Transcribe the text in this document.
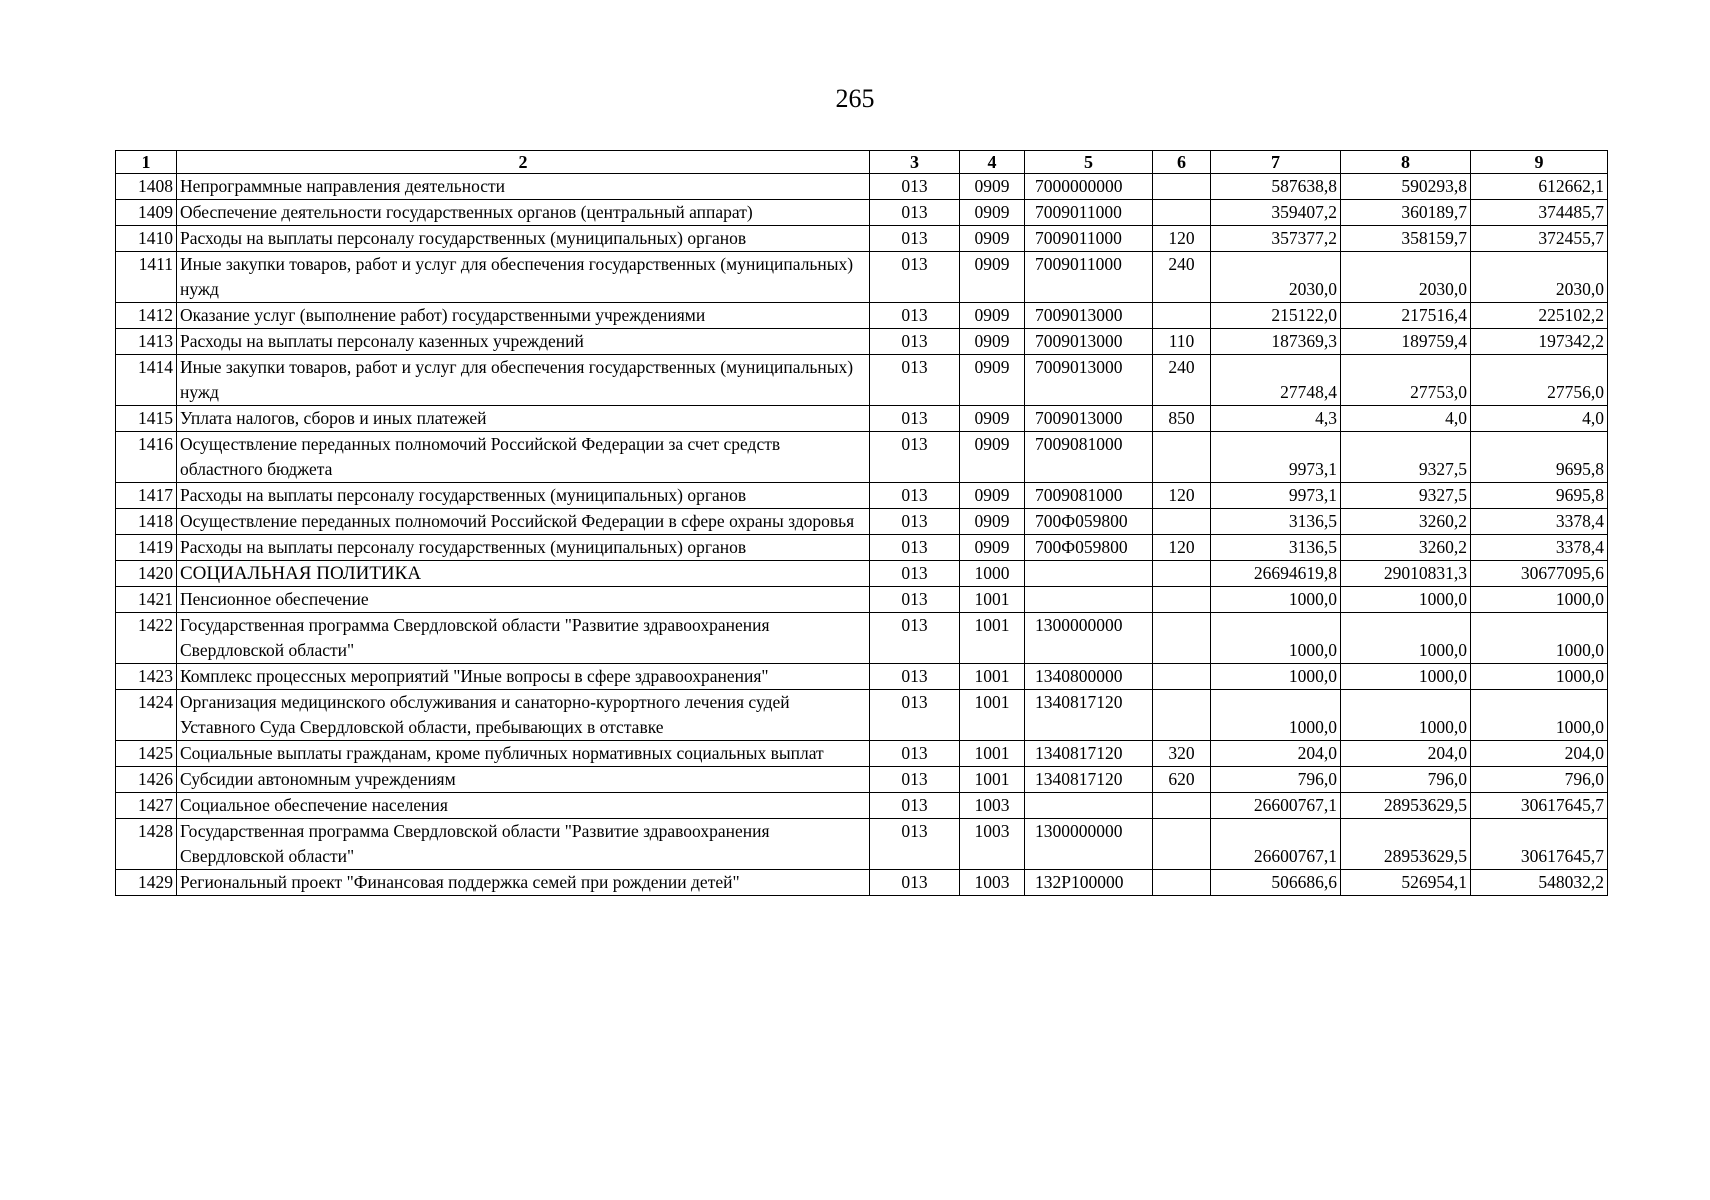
265
1	2	3	4	5	6	7	8	9
1408	Непрограммные направления деятельности	013	0909	7000000000		587638,8	590293,8	612662,1
1409	Обеспечение деятельности государственных органов (центральный аппарат)	013	0909	7009011000		359407,2	360189,7	374485,7
1410	Расходы на выплаты персоналу государственных (муниципальных) органов	013	0909	7009011000	120	357377,2	358159,7	372455,7
1411	Иные закупки товаров, работ и услуг для обеспечения государственных (муниципальных) нужд	013	0909	7009011000	240	2030,0	2030,0	2030,0
1412	Оказание услуг (выполнение работ) государственными учреждениями	013	0909	7009013000		215122,0	217516,4	225102,2
1413	Расходы на выплаты персоналу казенных учреждений	013	0909	7009013000	110	187369,3	189759,4	197342,2
1414	Иные закупки товаров, работ и услуг для обеспечения государственных (муниципальных) нужд	013	0909	7009013000	240	27748,4	27753,0	27756,0
1415	Уплата налогов, сборов и иных платежей	013	0909	7009013000	850	4,3	4,0	4,0
1416	Осуществление переданных полномочий Российской Федерации за счет средств областного бюджета	013	0909	7009081000		9973,1	9327,5	9695,8
1417	Расходы на выплаты персоналу государственных (муниципальных) органов	013	0909	7009081000	120	9973,1	9327,5	9695,8
1418	Осуществление переданных полномочий Российской Федерации в сфере охраны здоровья	013	0909	700Ф059800		3136,5	3260,2	3378,4
1419	Расходы на выплаты персоналу государственных (муниципальных) органов	013	0909	700Ф059800	120	3136,5	3260,2	3378,4
1420	СОЦИАЛЬНАЯ ПОЛИТИКА	013	1000			26694619,8	29010831,3	30677095,6
1421	Пенсионное обеспечение	013	1001			1000,0	1000,0	1000,0
1422	Государственная программа Свердловской области "Развитие здравоохранения Свердловской области"	013	1001	1300000000		1000,0	1000,0	1000,0
1423	Комплекс процессных мероприятий "Иные вопросы в сфере здравоохранения"	013	1001	1340800000		1000,0	1000,0	1000,0
1424	Организация медицинского обслуживания и санаторно-курортного лечения судей Уставного Суда Свердловской области, пребывающих в отставке	013	1001	1340817120		1000,0	1000,0	1000,0
1425	Социальные выплаты гражданам, кроме публичных нормативных социальных выплат	013	1001	1340817120	320	204,0	204,0	204,0
1426	Субсидии автономным учреждениям	013	1001	1340817120	620	796,0	796,0	796,0
1427	Социальное обеспечение населения	013	1003			26600767,1	28953629,5	30617645,7
1428	Государственная программа Свердловской области "Развитие здравоохранения Свердловской области"	013	1003	1300000000		26600767,1	28953629,5	30617645,7
1429	Региональный проект "Финансовая поддержка семей при рождении детей"	013	1003	132Р100000		506686,6	526954,1	548032,2
